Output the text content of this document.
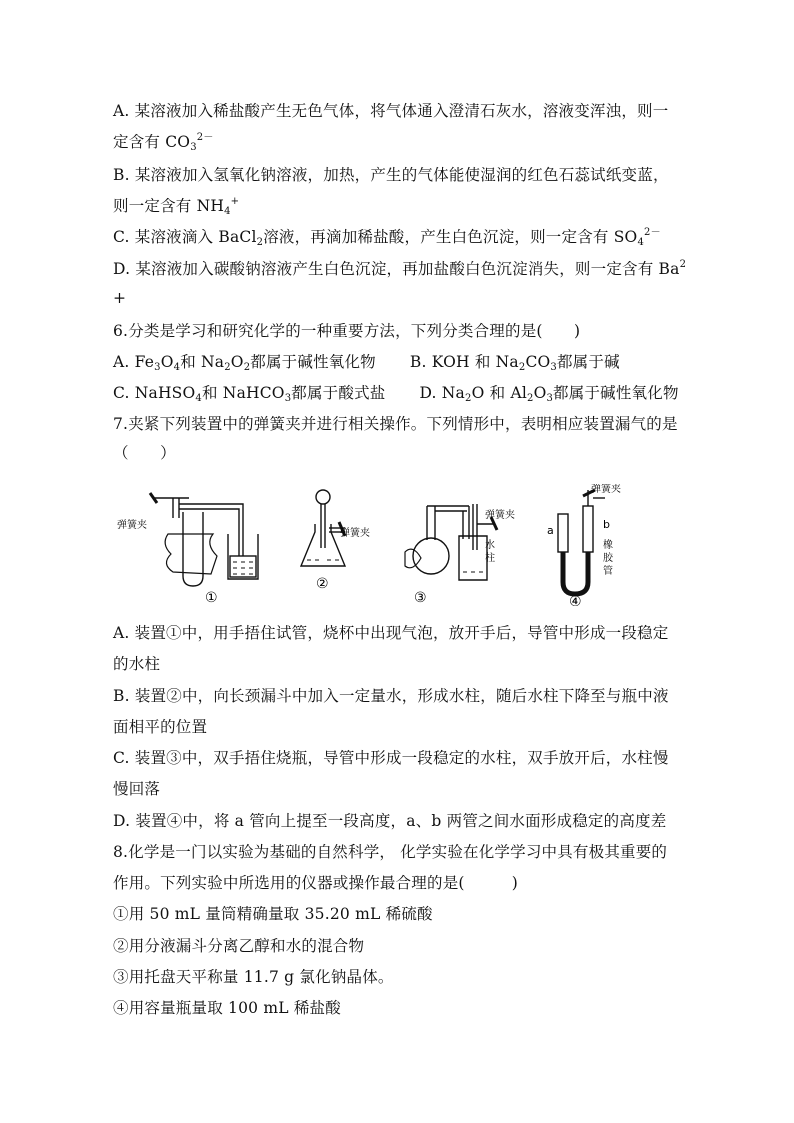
A. 某溶液加入稀盐酸产生无色气体，将气体通入澄清石灰水，溶液变浑浊，则一
定含有 $CO_3^{2-}$
B. 某溶液加入氢氧化钠溶液，加热，产生的气体能使湿润的红色石蕊试纸变蓝，
则一定含有 $NH_4^+$
C. 某溶液滴入 BaCl$_2$溶液，再滴加稀盐酸，产生白色沉淀，则一定含有 $SO_4^{2-}$
D. 某溶液加入碳酸钠溶液产生白色沉淀，再加盐酸白色沉淀消失，则一定含有 $Ba^2$
+
6.分类是学习和研究化学的一种重要方法，下列分类合理的是(　　)
A. $Fe_3O_4$和 $Na_2O_2$都属于碱性氧化物 B. KOH 和 $Na_2CO_3$都属于碱
C. NaHSO$_4$和 NaHCO$_3$都属于酸式盐 D. $Na_2O$ 和 $Al_2O_3$都属于碱性氧化物
7.夹紧下列装置中的弹簧夹并进行相关操作。下列情形中，表明相应装置漏气的是
（　　）
弹簧夹
弹簧夹
弹簧夹
水
柱
弹簧夹
a	b
橡
胶
管
①
②
③	④
A. 装置①中，用手捂住试管，烧杯中出现气泡，放开手后，导管中形成一段稳定
的水柱
B. 装置②中，向长颈漏斗中加入一定量水，形成水柱，随后水柱下降至与瓶中液
面相平的位置
C. 装置③中，双手捂住烧瓶，导管中形成一段稳定的水柱，双手放开后，水柱慢
慢回落
D. 装置④中，将 a 管向上提至一段高度，a、b 两管之间水面形成稳定的高度差
8.化学是一门以实验为基础的自然科学， 化学实验在化学学习中具有极其重要的
作用。下列实验中所选用的仪器或操作最合理的是(　　　)
①用 50 mL 量筒精确量取 35.20 mL 稀硫酸
②用分液漏斗分离乙醇和水的混合物
③用托盘天平称量 11.7 g 氯化钠晶体。
④用容量瓶量取 100 mL 稀盐酸
